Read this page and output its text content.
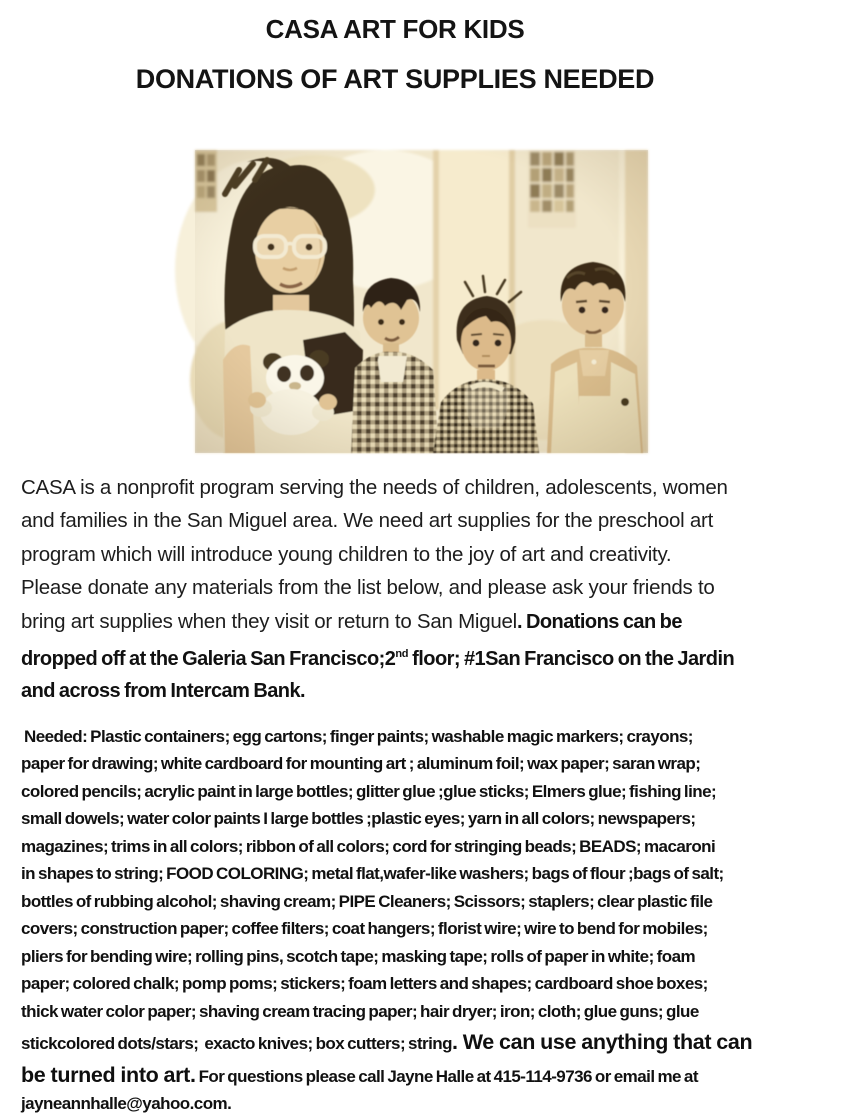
CASA ART FOR KIDS
DONATIONS OF ART SUPPLIES NEEDED
CASA is a nonprofit program serving the needs of children, adolescents, women
and families in the San Miguel area. We need art supplies for the preschool art
program which will introduce young children to the joy of art and creativity.
Please donate any materials from the list below, and please ask your friends to
bring art supplies when they visit or return to San Miguel. Donations can be
dropped off at the Galeria San Francisco;2nd floor; #1San Francisco on the Jardin
and across from Intercam Bank.
Needed: Plastic containers; egg cartons; finger paints; washable magic markers; crayons;
paper for drawing; white cardboard for mounting art ; aluminum foil; wax paper; saran wrap;
colored pencils; acrylic paint in large bottles; glitter glue ;glue sticks; Elmers glue; fishing line;
small dowels; water color paints I large bottles ;plastic eyes; yarn in all colors; newspapers;
magazines; trims in all colors; ribbon of all colors; cord for stringing beads; BEADS; macaroni
in shapes to string; FOOD COLORING; metal flat,wafer-like washers; bags of flour ;bags of salt;
bottles of rubbing alcohol; shaving cream; PIPE Cleaners; Scissors; staplers; clear plastic file
covers; construction paper; coffee filters; coat hangers; florist wire; wire to bend for mobiles;
pliers for bending wire; rolling pins, scotch tape; masking tape; rolls of paper in white; foam
paper; colored chalk; pomp poms; stickers; foam letters and shapes; cardboard shoe boxes;
thick water color paper; shaving cream tracing paper; hair dryer; iron; cloth; glue guns; glue
stickcolored dots/stars;  exacto knives; box cutters; string. We can use anything that can
be turned into art. For questions please call Jayne Halle at 415-114-9736 or email me at
jayneannhalle@yahoo.com.
